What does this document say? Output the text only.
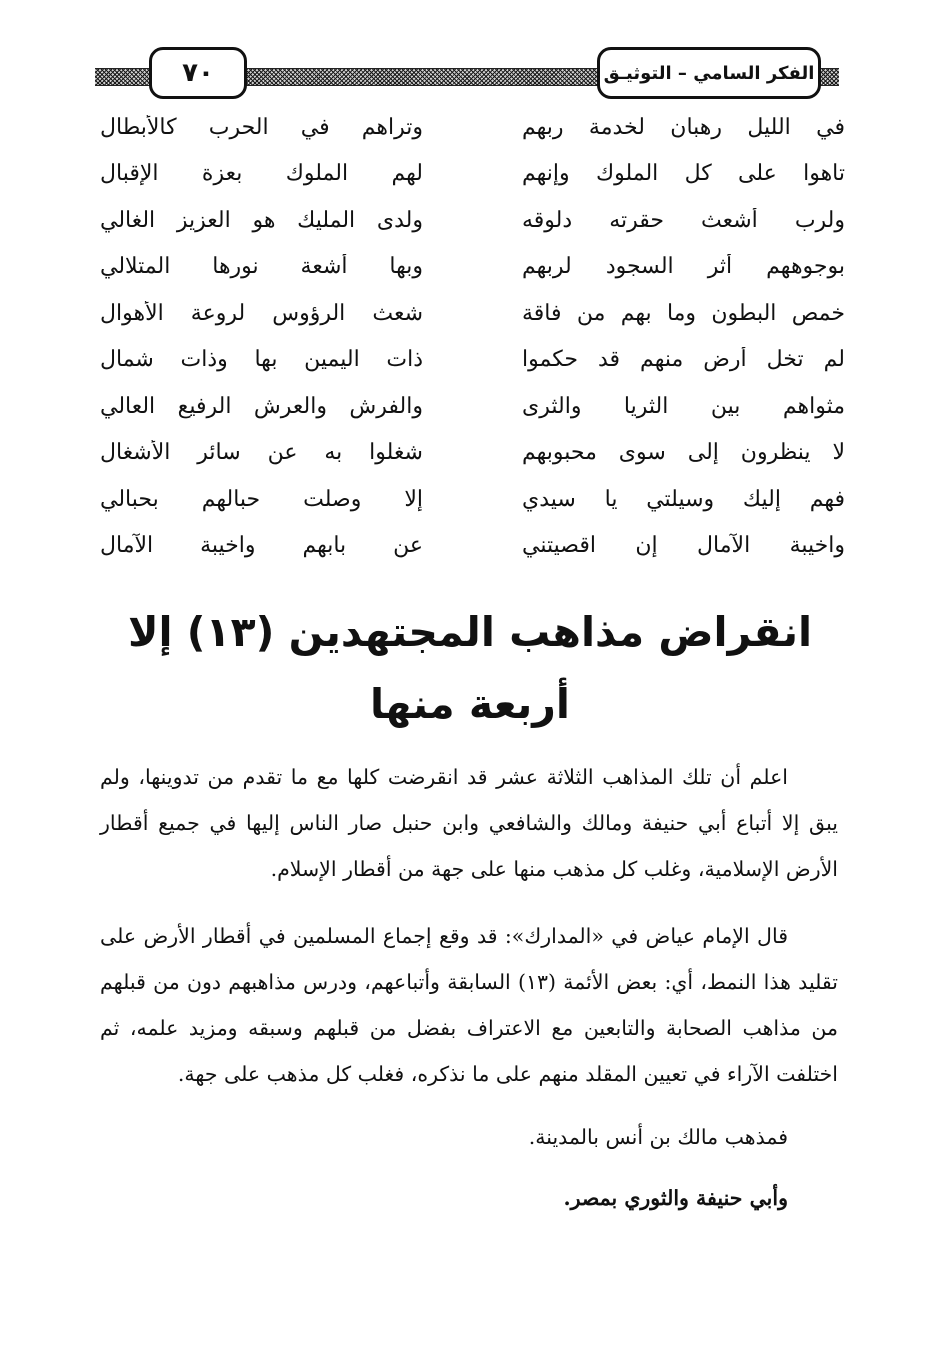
٧٠	الفكر السامي – التوثيـق
في الليل رهبان لخدمة ربهم
وتراهم في الحرب كالأبطال
تاهوا على كل الملوك وإنهم
لهم الملوك بعزة الإقبال
ولرب أشعث حقرته دلوقه
ولدى المليك هو العزيز الغالي
بوجوههم أثر السجود لربهم
وبها أشعة نورها المتلالي
خمص البطون وما بهم من فاقة
شعث الرؤوس لروعة الأهوال
لم تخل أرض منهم قد حكموا
ذات اليمين بها وذات شمال
مثواهم بين الثريا والثرى
والفرش والعرش الرفيع العالي
لا ينظرون إلى سوى محبوبهم
شغلوا به عن سائر الأشغال
فهم إليك وسيلتي يا سيدي
إلا وصلت حبالهم بحبالي
واخيبة الآمال إن اقصيتني
عن بابهم واخيبة الآمال
انقراض مذاهب المجتهدين (١٣) إلا أربعة منها

اعلم أن تلك المذاهب الثلاثة عشر قد انقرضت كلها مع ما تقدم من تدوينها، ولم يبق إلا أتباع أبي حنيفة ومالك والشافعي وابن حنبل صار الناس إليها في جميع أقطار الأرض الإسلامية، وغلب كل مذهب منها على جهة من أقطار الإسلام.

قال الإمام عياض في «المدارك»: قد وقع إجماع المسلمين في أقطار الأرض على تقليد هذا النمط، أي: بعض الأئمة (١٣) السابقة وأتباعهم، ودرس مذاهبهم دون من قبلهم من مذاهب الصحابة والتابعين مع الاعتراف بفضل من قبلهم وسبقه ومزيد علمه، ثم اختلفت الآراء في تعيين المقلد منهم على ما نذكره، فغلب كل مذهب على جهة.

فمذهب مالك بن أنس بالمدينة.

وأبي حنيفة والثوري بمصر.
